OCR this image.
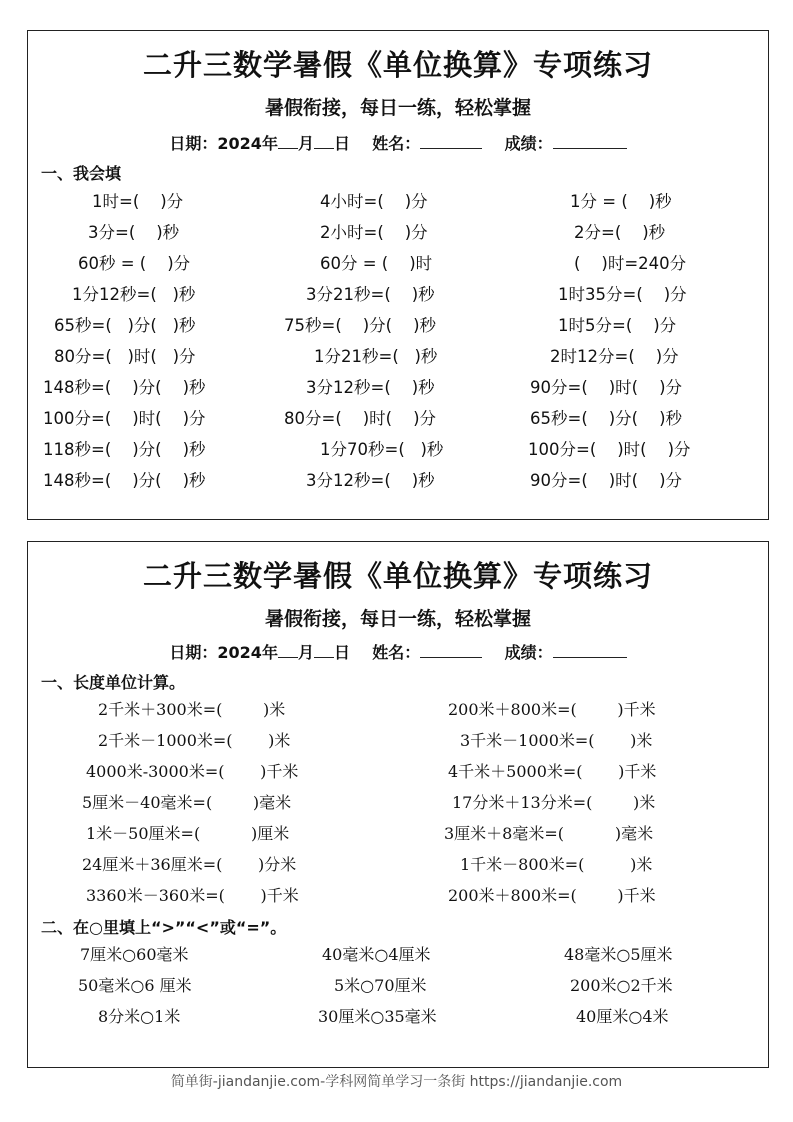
二升三数学暑假《单位换算》专项练习
暑假衔接，每日一练，轻松掌握
日期：2024年 月 日 姓名：	成绩：
一、我会填
1时=(    )分	4小时=(    )分	1分 = (    )秒
3分=(    )秒	2小时=(    )分	2分=(    )秒
60秒 = (    )分	60分 = (    )时	(    )时=240分
1分12秒=(   )秒	3分21秒=(    )秒	1时35分=(    )分
65秒=(   )分(   )秒	75秒=(    )分(    )秒	1时5分=(    )分
80分=(   )时(   )分	1分21秒=(   )秒	2时12分=(    )分
148秒=(    )分(    )秒	3分12秒=(    )秒	90分=(    )时(    )分
100分=(    )时(    )分	80分=(    )时(    )分	65秒=(    )分(    )秒
118秒=(    )分(    )秒	1分70秒=(   )秒	100分=(    )时(    )分
148秒=(    )分(    )秒	3分12秒=(    )秒	90分=(    )时(    )分
二升三数学暑假《单位换算》专项练习
暑假衔接，每日一练，轻松掌握
日期：2024年 月 日 姓名：	成绩：
一、长度单位计算。
2千米＋300米=(        )米	200米＋800米=(        )千米
2千米－1000米=(       )米	3千米－1000米=(       )米
4000米-3000米=(       )千米	4千米＋5000米=(       )千米
5厘米－40毫米=(        )毫米	17分米＋13分米=(        )米
1米－50厘米=(          )厘米	3厘米＋8毫米=(          )毫米
24厘米＋36厘米=(       )分米	1千米－800米=(         )米
3360米－360米=(       )千米	200米＋800米=(        )千米
二、在○里填上“>”“<”或“=”。
7厘米○60毫米	40毫米○4厘米	48毫米○5厘米
50毫米○6 厘米	5米○70厘米	200米○2千米
8分米○1米	30厘米○35毫米	40厘米○4米
简单街-jiandanjie.com-学科网简单学习一条街 https://jiandanjie.com
